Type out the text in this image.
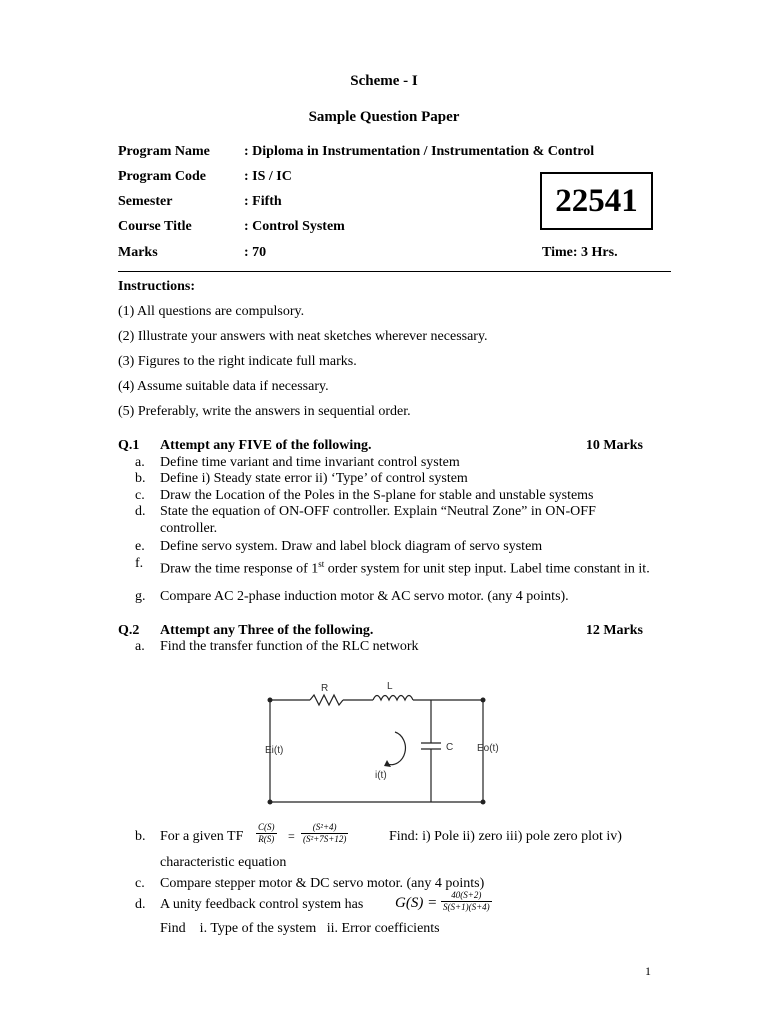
Scheme - I
Sample Question Paper
Program Name : Diploma in Instrumentation / Instrumentation & Control
Program Code	: IS / IC
Semester	: Fifth
Course Title	: Control System
Marks	: 70	Time: 3 Hrs.
22541
Instructions:
(1) All questions are compulsory.
(2) Illustrate your answers with neat sketches wherever necessary.
(3) Figures to the right indicate full marks.
(4) Assume suitable data if necessary.
(5) Preferably, write the answers in sequential order.
Q.1 Attempt any FIVE of the following.	10 Marks
a.	Define time variant and time invariant control system
b.	Define i) Steady state error ii) ‘Type’ of control system
c.	Draw the Location of the Poles in the S-plane for stable and unstable systems
d.	State the equation of ON-OFF controller. Explain “Neutral Zone” in ON-OFF controller.
e.	Define servo system. Draw and label block diagram of servo system
f.	Draw the time response of 1st order system for unit step input. Label time constant in it.
g.	Compare AC 2-phase induction motor & AC servo motor. (any 4 points).
Q.2 Attempt any Three of the following.	12 Marks
a.	Find the transfer function of the RLC network
R	L
C
Ei(t)	Eo(t)
i(t)
b.	For a given TF $\frac{C(S)}{R(S)} = \frac{\text{(S²+4)}}{\text{(S²+7S+12)}}$	Find: i) Pole ii) zero iii) pole zero plot iv)
characteristic equation
c.	Compare stepper motor & DC servo motor. (any 4 points)
d.	A unity feedback control system has $G(S) = \frac{40(S+2)}{S(S+1)(S+4)}$
Find    i. Type of the system   ii. Error coefficients
1
